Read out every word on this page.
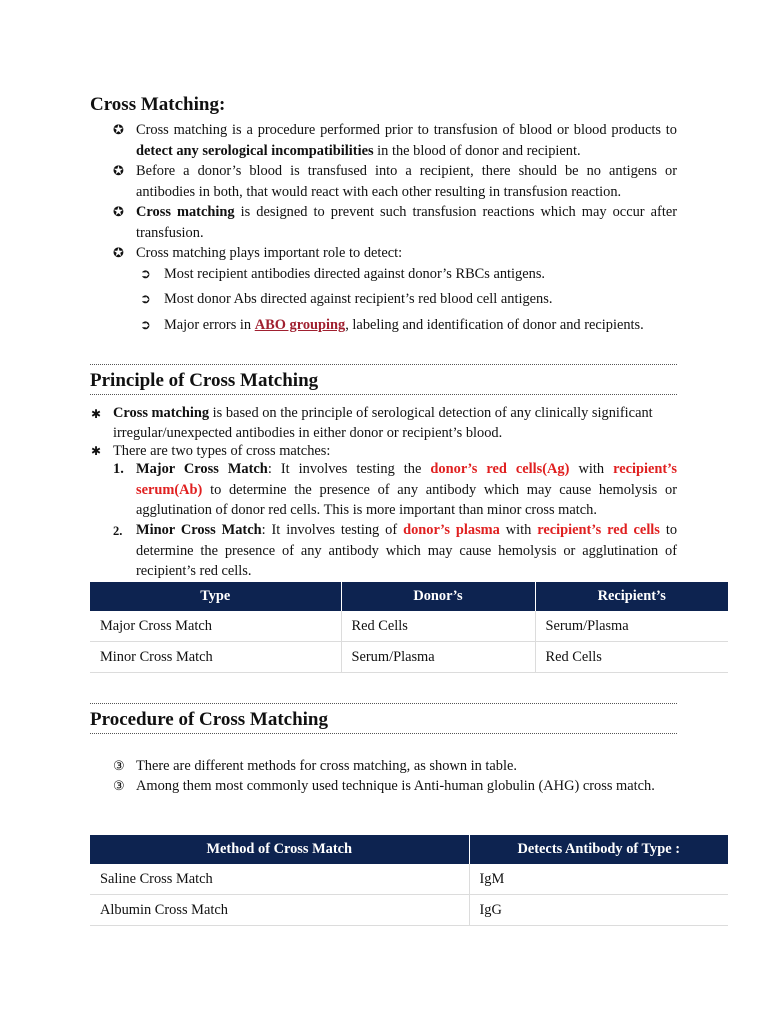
Cross Matching:
✪ Cross matching is a procedure performed prior to transfusion of blood or blood products to detect any serological incompatibilities in the blood of donor and recipient.

✪ Before a donor’s blood is transfused into a recipient, there should be no antigens or antibodies in both, that would react with each other resulting in transfusion reaction.

✪ Cross matching is designed to prevent such transfusion reactions which may occur after transfusion.

✪ Cross matching plays important role to detect:

➲ Most recipient antibodies directed against donor’s RBCs antigens.

➲ Most donor Abs directed against recipient’s red blood cell antigens.

➲ Major errors in ABO grouping, labeling and identification of donor and recipients.

Principle of Cross Matching
✱ Cross matching is based on the principle of serological detection of any clinically significant irregular/unexpected antibodies in either donor or recipient’s blood.

✱ There are two types of cross matches:

1. Major Cross Match: It involves testing the donor’s red cells(Ag) with recipient’s serum(Ab) to determine the presence of any antibody which may cause hemolysis or agglutination of donor red cells. This is more important than minor cross match.

2. Minor Cross Match: It involves testing of donor’s plasma with recipient’s red cells to determine the presence of any antibody which may cause hemolysis or agglutination of recipient’s red cells.

Type	Donor’s	Recipient’s
Major Cross Match	Red Cells	Serum/Plasma
Minor Cross Match	Serum/Plasma	Red Cells
Procedure of Cross Matching
③ There are different methods for cross matching, as shown in table.

③ Among them most commonly used technique is Anti-human globulin (AHG) cross match.

Method of Cross Match	Detects Antibody of Type :
Saline Cross Match	IgM
Albumin Cross Match	IgG
